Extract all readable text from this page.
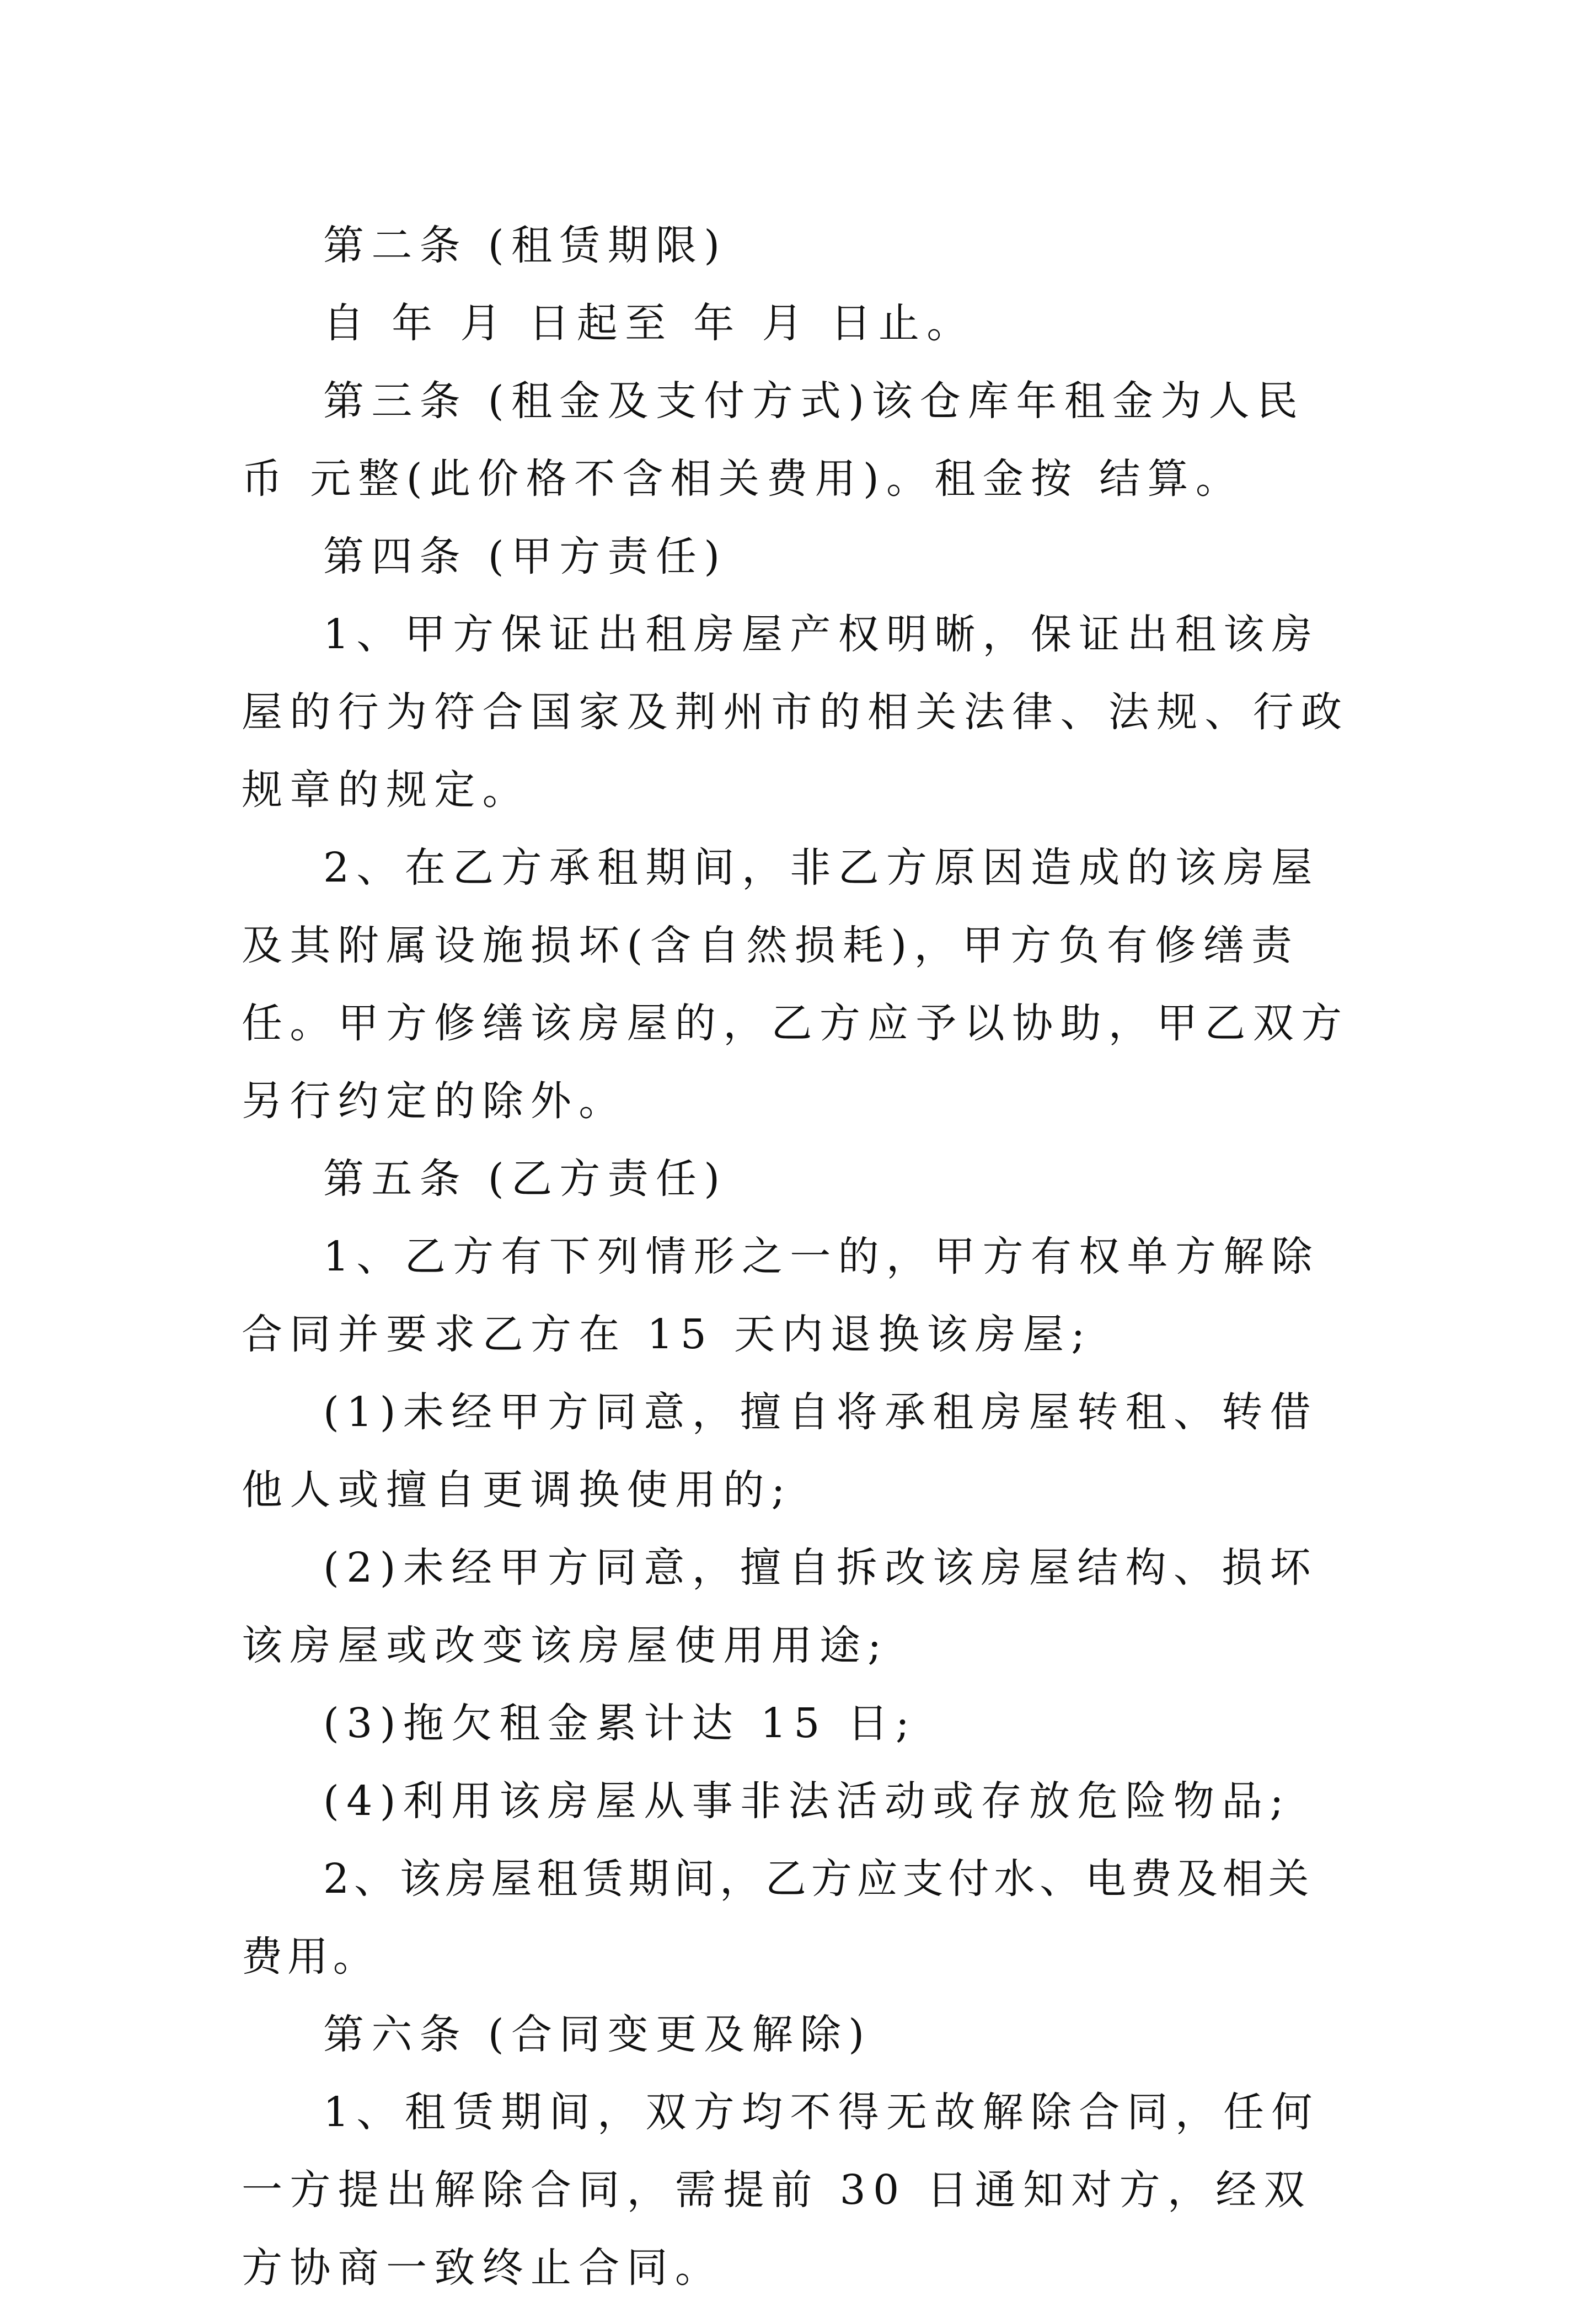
第二条 (租赁期限)

自 年 月 日起至 年 月 日止。

第三条 (租金及支付方式)该仓库年租金为人民币 元整(此价格不含相关费用)。租金按 结算。

第四条 (甲方责任)

1、甲方保证出租房屋产权明晰，保证出租该房屋的行为符合国家及荆州市的相关法律、法规、行政规章的规定。

2、在乙方承租期间，非乙方原因造成的该房屋及其附属设施损坏(含自然损耗)，甲方负有修缮责任。甲方修缮该房屋的，乙方应予以协助，甲乙双方另行约定的除外。

第五条 (乙方责任)

1、乙方有下列情形之一的，甲方有权单方解除合同并要求乙方在 15 天内退换该房屋;

(1)未经甲方同意，擅自将承租房屋转租、转借他人或擅自更调换使用的;

(2)未经甲方同意，擅自拆改该房屋结构、损坏该房屋或改变该房屋使用用途;

(3)拖欠租金累计达 15 日;

(4)利用该房屋从事非法活动或存放危险物品;

2、该房屋租赁期间，乙方应支付水、电费及相关费用。

第六条 (合同变更及解除)

1、租赁期间，双方均不得无故解除合同，任何一方提出解除合同，需提前 30 日通知对方，经双方协商一致终止合同。
